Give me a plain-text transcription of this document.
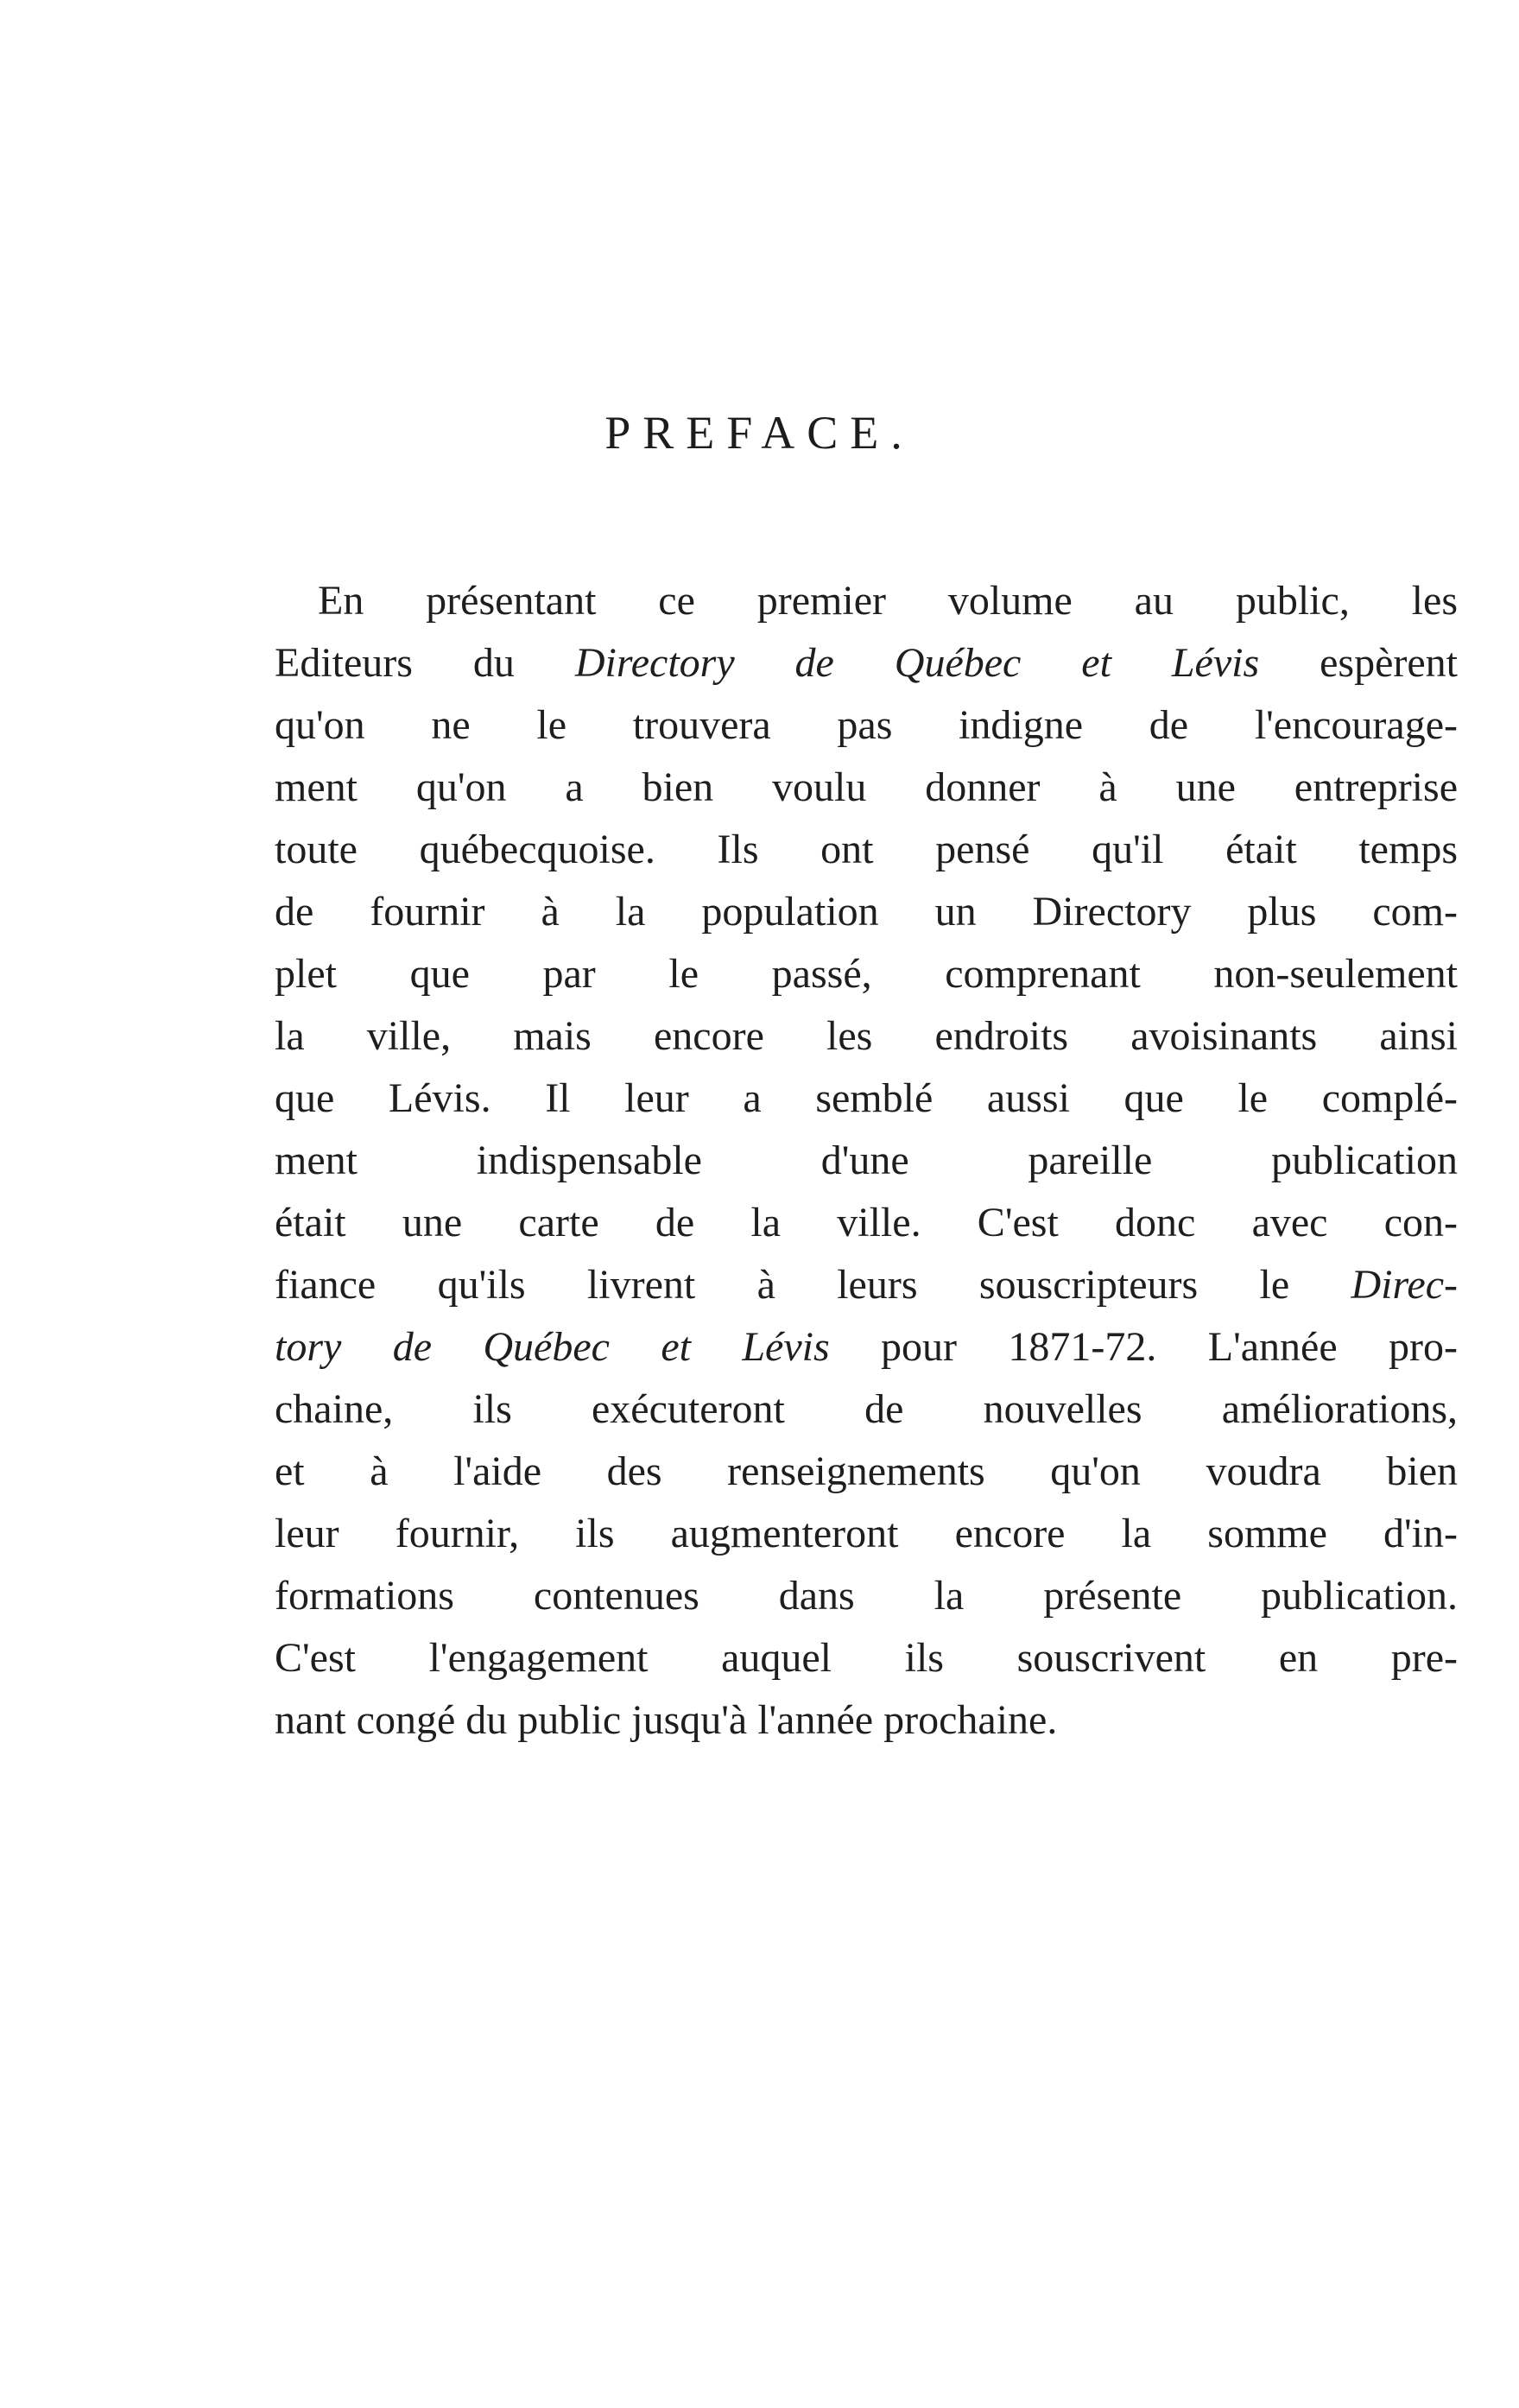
PREFACE.
En présentant ce premier volume au public, les
Editeurs du Directory de Québec et Lévis espèrent
qu'on ne le trouvera pas indigne de l'encourage-
ment qu'on a bien voulu donner à une entreprise
toute québecquoise. Ils ont pensé qu'il était temps
de fournir à la population un Directory plus com-
plet que par le passé, comprenant non-seulement
la ville, mais encore les endroits avoisinants ainsi
que Lévis. Il leur a semblé aussi que le complé-
ment indispensable d'une pareille publication
était une carte de la ville. C'est donc avec con-
fiance qu'ils livrent à leurs souscripteurs le Direc-
tory de Québec et Lévis pour 1871-72. L'année pro-
chaine, ils exécuteront de nouvelles améliorations,
et à l'aide des renseignements qu'on voudra bien
leur fournir, ils augmenteront encore la somme d'in-
formations contenues dans la présente publication.
C'est l'engagement auquel ils souscrivent en pre-
nant congé du public jusqu'à l'année prochaine.
